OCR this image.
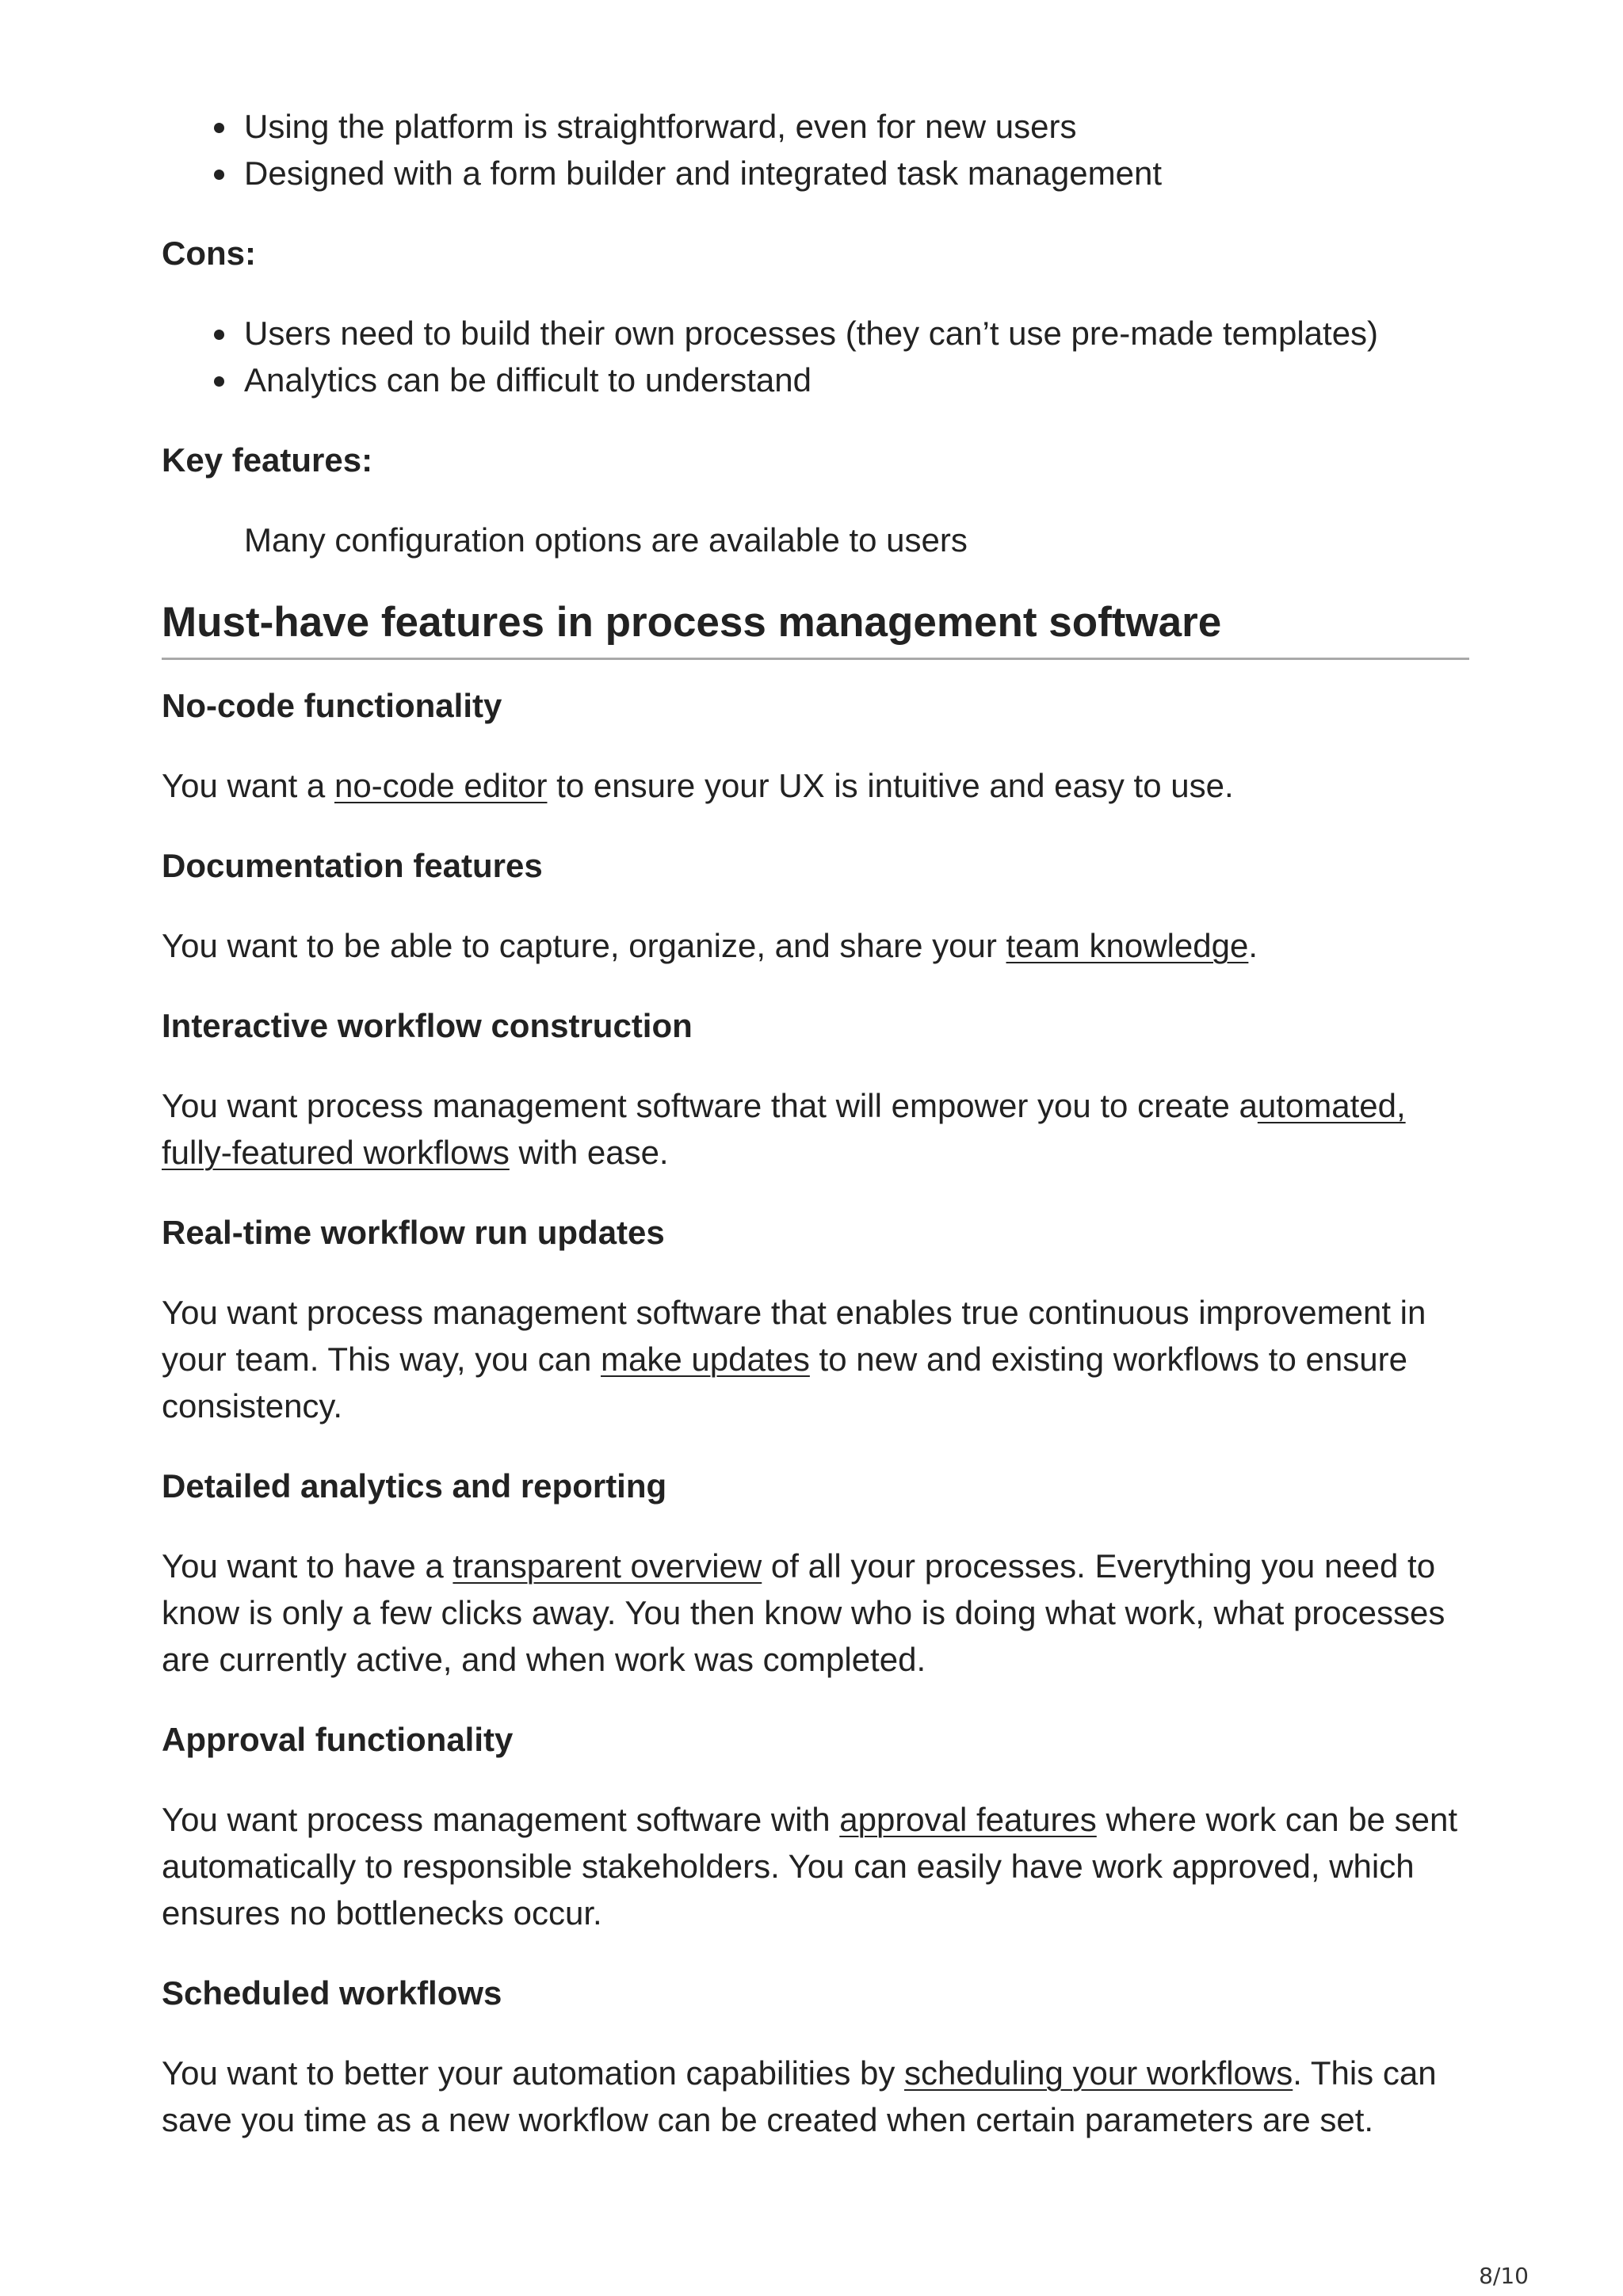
Using the platform is straightforward, even for new users
Designed with a form builder and integrated task management

Cons:

Users need to build their own processes (they can’t use pre-made templates)
Analytics can be difficult to understand

Key features:

Many configuration options are available to users

Must-have features in process management software

No-code functionality

You want a no-code editor to ensure your UX is intuitive and easy to use.

Documentation features

You want to be able to capture, organize, and share your team knowledge.

Interactive workflow construction

You want process management software that will empower you to create automated, fully-featured workflows with ease.

Real-time workflow run updates

You want process management software that enables true continuous improvement in your team. This way, you can make updates to new and existing workflows to ensure consistency.

Detailed analytics and reporting

You want to have a transparent overview of all your processes. Everything you need to know is only a few clicks away. You then know who is doing what work, what processes are currently active, and when work was completed.

Approval functionality

You want process management software with approval features where work can be sent automatically to responsible stakeholders. You can easily have work approved, which ensures no bottlenecks occur.

Scheduled workflows

You want to better your automation capabilities by scheduling your workflows. This can save you time as a new workflow can be created when certain parameters are set.

8/10
